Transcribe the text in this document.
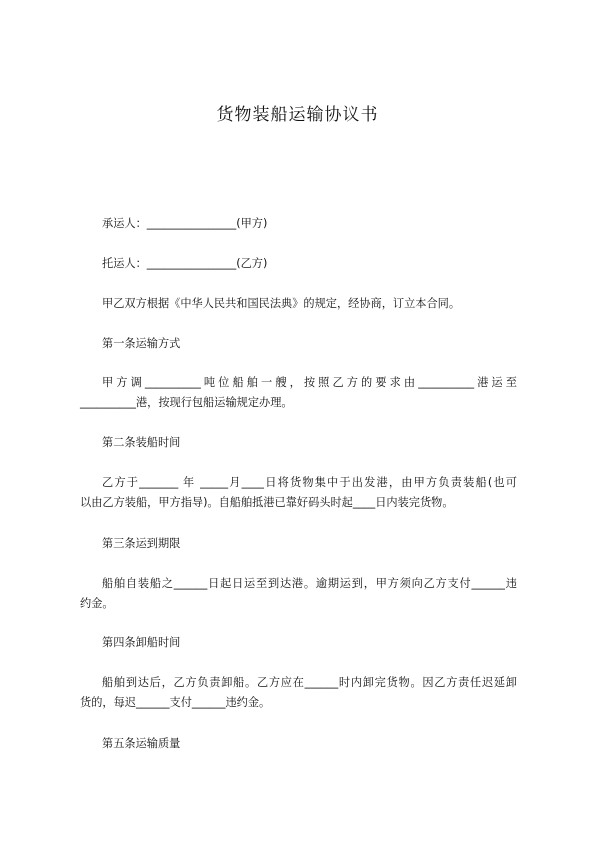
货物装船运输协议书
承运人：________________(甲方)
托运人：________________(乙方)
甲乙双方根据《中华人民共和国民法典》的规定，经协商，订立本合同。
第一条运输方式

甲方调__________吨位船舶一艘，按照乙方的要求由__________港运至

__________港，按现行包船运输规定办理。

第二条装船时间

乙方于_______ 年 _____月____日将货物集中于出发港，由甲方负责装船(也可

以由乙方装船，甲方指导)。自船舶抵港已靠好码头时起____日内装完货物。

第三条运到期限

船舶自装船之______日起日运至到达港。逾期运到，甲方须向乙方支付______违

约金。

第四条卸船时间

船舶到达后，乙方负责卸船。乙方应在______时内卸完货物。因乙方责任迟延卸

货的，每迟______支付______违约金。

第五条运输质量
